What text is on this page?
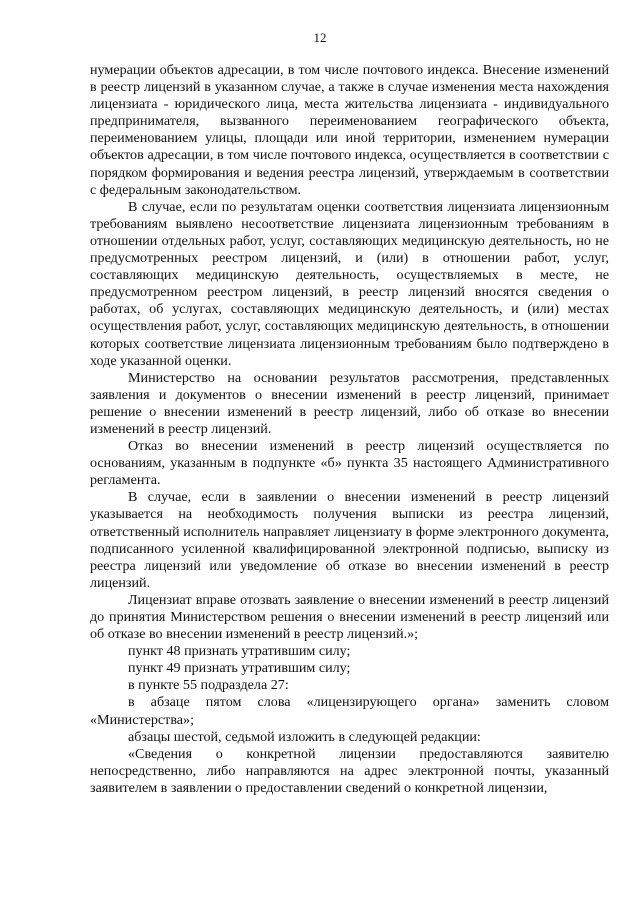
12

нумерации объектов адресации, в том числе почтового индекса. Внесение изменений в реестр лицензий в указанном случае, а также в случае изменения места нахождения лицензиата - юридического лица, места жительства лицензиата - индивидуального предпринимателя, вызванного переименованием географического объекта, переименованием улицы, площади или иной территории, изменением нумерации объектов адресации, в том числе почтового индекса, осуществляется в соответствии с порядком формирования и ведения реестра лицензий, утверждаемым в соответствии с федеральным законодательством.

В случае, если по результатам оценки соответствия лицензиата лицензионным требованиям выявлено несоответствие лицензиата лицензионным требованиям в отношении отдельных работ, услуг, составляющих медицинскую деятельность, но не предусмотренных реестром лицензий, и (или) в отношении работ, услуг, составляющих медицинскую деятельность, осуществляемых в месте, не предусмотренном реестром лицензий, в реестр лицензий вносятся сведения о работах, об услугах, составляющих медицинскую деятельность, и (или) местах осуществления работ, услуг, составляющих медицинскую деятельность, в отношении которых соответствие лицензиата лицензионным требованиям было подтверждено в ходе указанной оценки.

Министерство на основании результатов рассмотрения, представленных заявления и документов о внесении изменений в реестр лицензий, принимает решение о внесении изменений в реестр лицензий, либо об отказе во внесении изменений в реестр лицензий.

Отказ во внесении изменений в реестр лицензий осуществляется по основаниям, указанным в подпункте «б» пункта 35 настоящего Административного регламента.

В случае, если в заявлении о внесении изменений в реестр лицензий указывается на необходимость получения выписки из реестра лицензий, ответственный исполнитель направляет лицензиату в форме электронного документа, подписанного усиленной квалифицированной электронной подписью, выписку из реестра лицензий или уведомление об отказе во внесении изменений в реестр лицензий.

Лицензиат вправе отозвать заявление о внесении изменений в реестр лицензий до принятия Министерством решения о внесении изменений в реестр лицензий или об отказе во внесении изменений в реестр лицензий.»;

пункт 48 признать утратившим силу;

пункт 49 признать утратившим силу;

в пункте 55 подраздела 27:

в абзаце пятом слова «лицензирующего органа» заменить словом «Министерства»;

абзацы шестой, седьмой изложить в следующей редакции:

«Сведения о конкретной лицензии предоставляются заявителю непосредственно, либо направляются на адрес электронной почты, указанный заявителем в заявлении о предоставлении сведений о конкретной лицензии,
